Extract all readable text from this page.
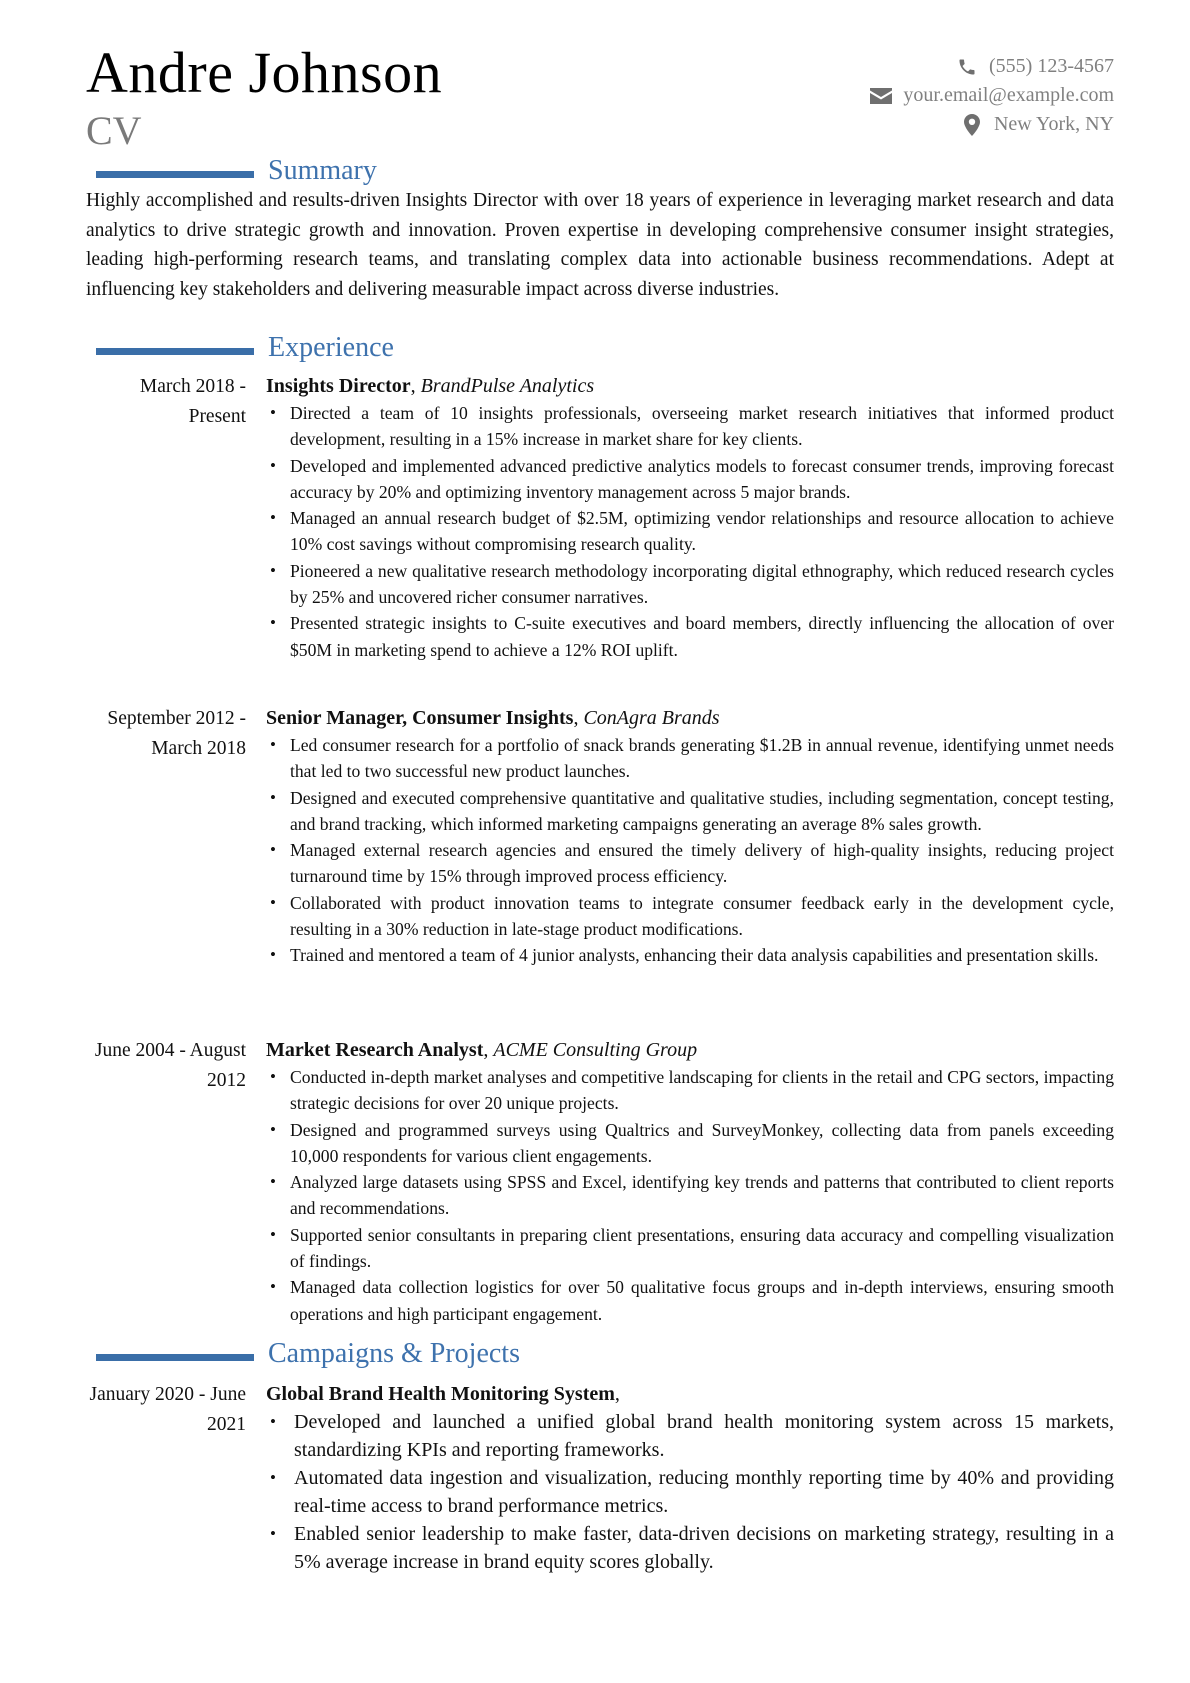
Andre Johnson
CV
(555) 123-4567
your.email@example.com
New York, NY
Summary
Highly accomplished and results-driven Insights Director with over 18 years of experience in leveraging market research and data analytics to drive strategic growth and innovation. Proven expertise in developing comprehensive consumer insight strategies, leading high-performing research teams, and translating complex data into actionable business recommendations. Adept at influencing key stakeholders and delivering measurable impact across diverse industries.
Experience
March 2018 - Present
Insights Director, BrandPulse Analytics
• Directed a team of 10 insights professionals, overseeing market research initiatives that informed product development, resulting in a 15% increase in market share for key clients.
• Developed and implemented advanced predictive analytics models to forecast consumer trends, improving forecast accuracy by 20% and optimizing inventory management across 5 major brands.
• Managed an annual research budget of $2.5M, optimizing vendor relationships and resource allocation to achieve 10% cost savings without compromising research quality.
• Pioneered a new qualitative research methodology incorporating digital ethnography, which reduced research cycles by 25% and uncovered richer consumer narratives.
• Presented strategic insights to C-suite executives and board members, directly influencing the allocation of over $50M in marketing spend to achieve a 12% ROI uplift.
September 2012 - March 2018
Senior Manager, Consumer Insights, ConAgra Brands
• Led consumer research for a portfolio of snack brands generating $1.2B in annual revenue, identifying unmet needs that led to two successful new product launches.
• Designed and executed comprehensive quantitative and qualitative studies, including segmentation, concept testing, and brand tracking, which informed marketing campaigns generating an average 8% sales growth.
• Managed external research agencies and ensured the timely delivery of high-quality insights, reducing project turnaround time by 15% through improved process efficiency.
• Collaborated with product innovation teams to integrate consumer feedback early in the development cycle, resulting in a 30% reduction in late-stage product modifications.
• Trained and mentored a team of 4 junior analysts, enhancing their data analysis capabilities and presentation skills.
June 2004 - August 2012
Market Research Analyst, ACME Consulting Group
• Conducted in-depth market analyses and competitive landscaping for clients in the retail and CPG sectors, impacting strategic decisions for over 20 unique projects.
• Designed and programmed surveys using Qualtrics and SurveyMonkey, collecting data from panels exceeding 10,000 respondents for various client engagements.
• Analyzed large datasets using SPSS and Excel, identifying key trends and patterns that contributed to client reports and recommendations.
• Supported senior consultants in preparing client presentations, ensuring data accuracy and compelling visualization of findings.
• Managed data collection logistics for over 50 qualitative focus groups and in-depth interviews, ensuring smooth operations and high participant engagement.
Campaigns & Projects
January 2020 - June 2021
Global Brand Health Monitoring System,
• Developed and launched a unified global brand health monitoring system across 15 markets, standardizing KPIs and reporting frameworks.
• Automated data ingestion and visualization, reducing monthly reporting time by 40% and providing real-time access to brand performance metrics.
• Enabled senior leadership to make faster, data-driven decisions on marketing strategy, resulting in a 5% average increase in brand equity scores globally.
